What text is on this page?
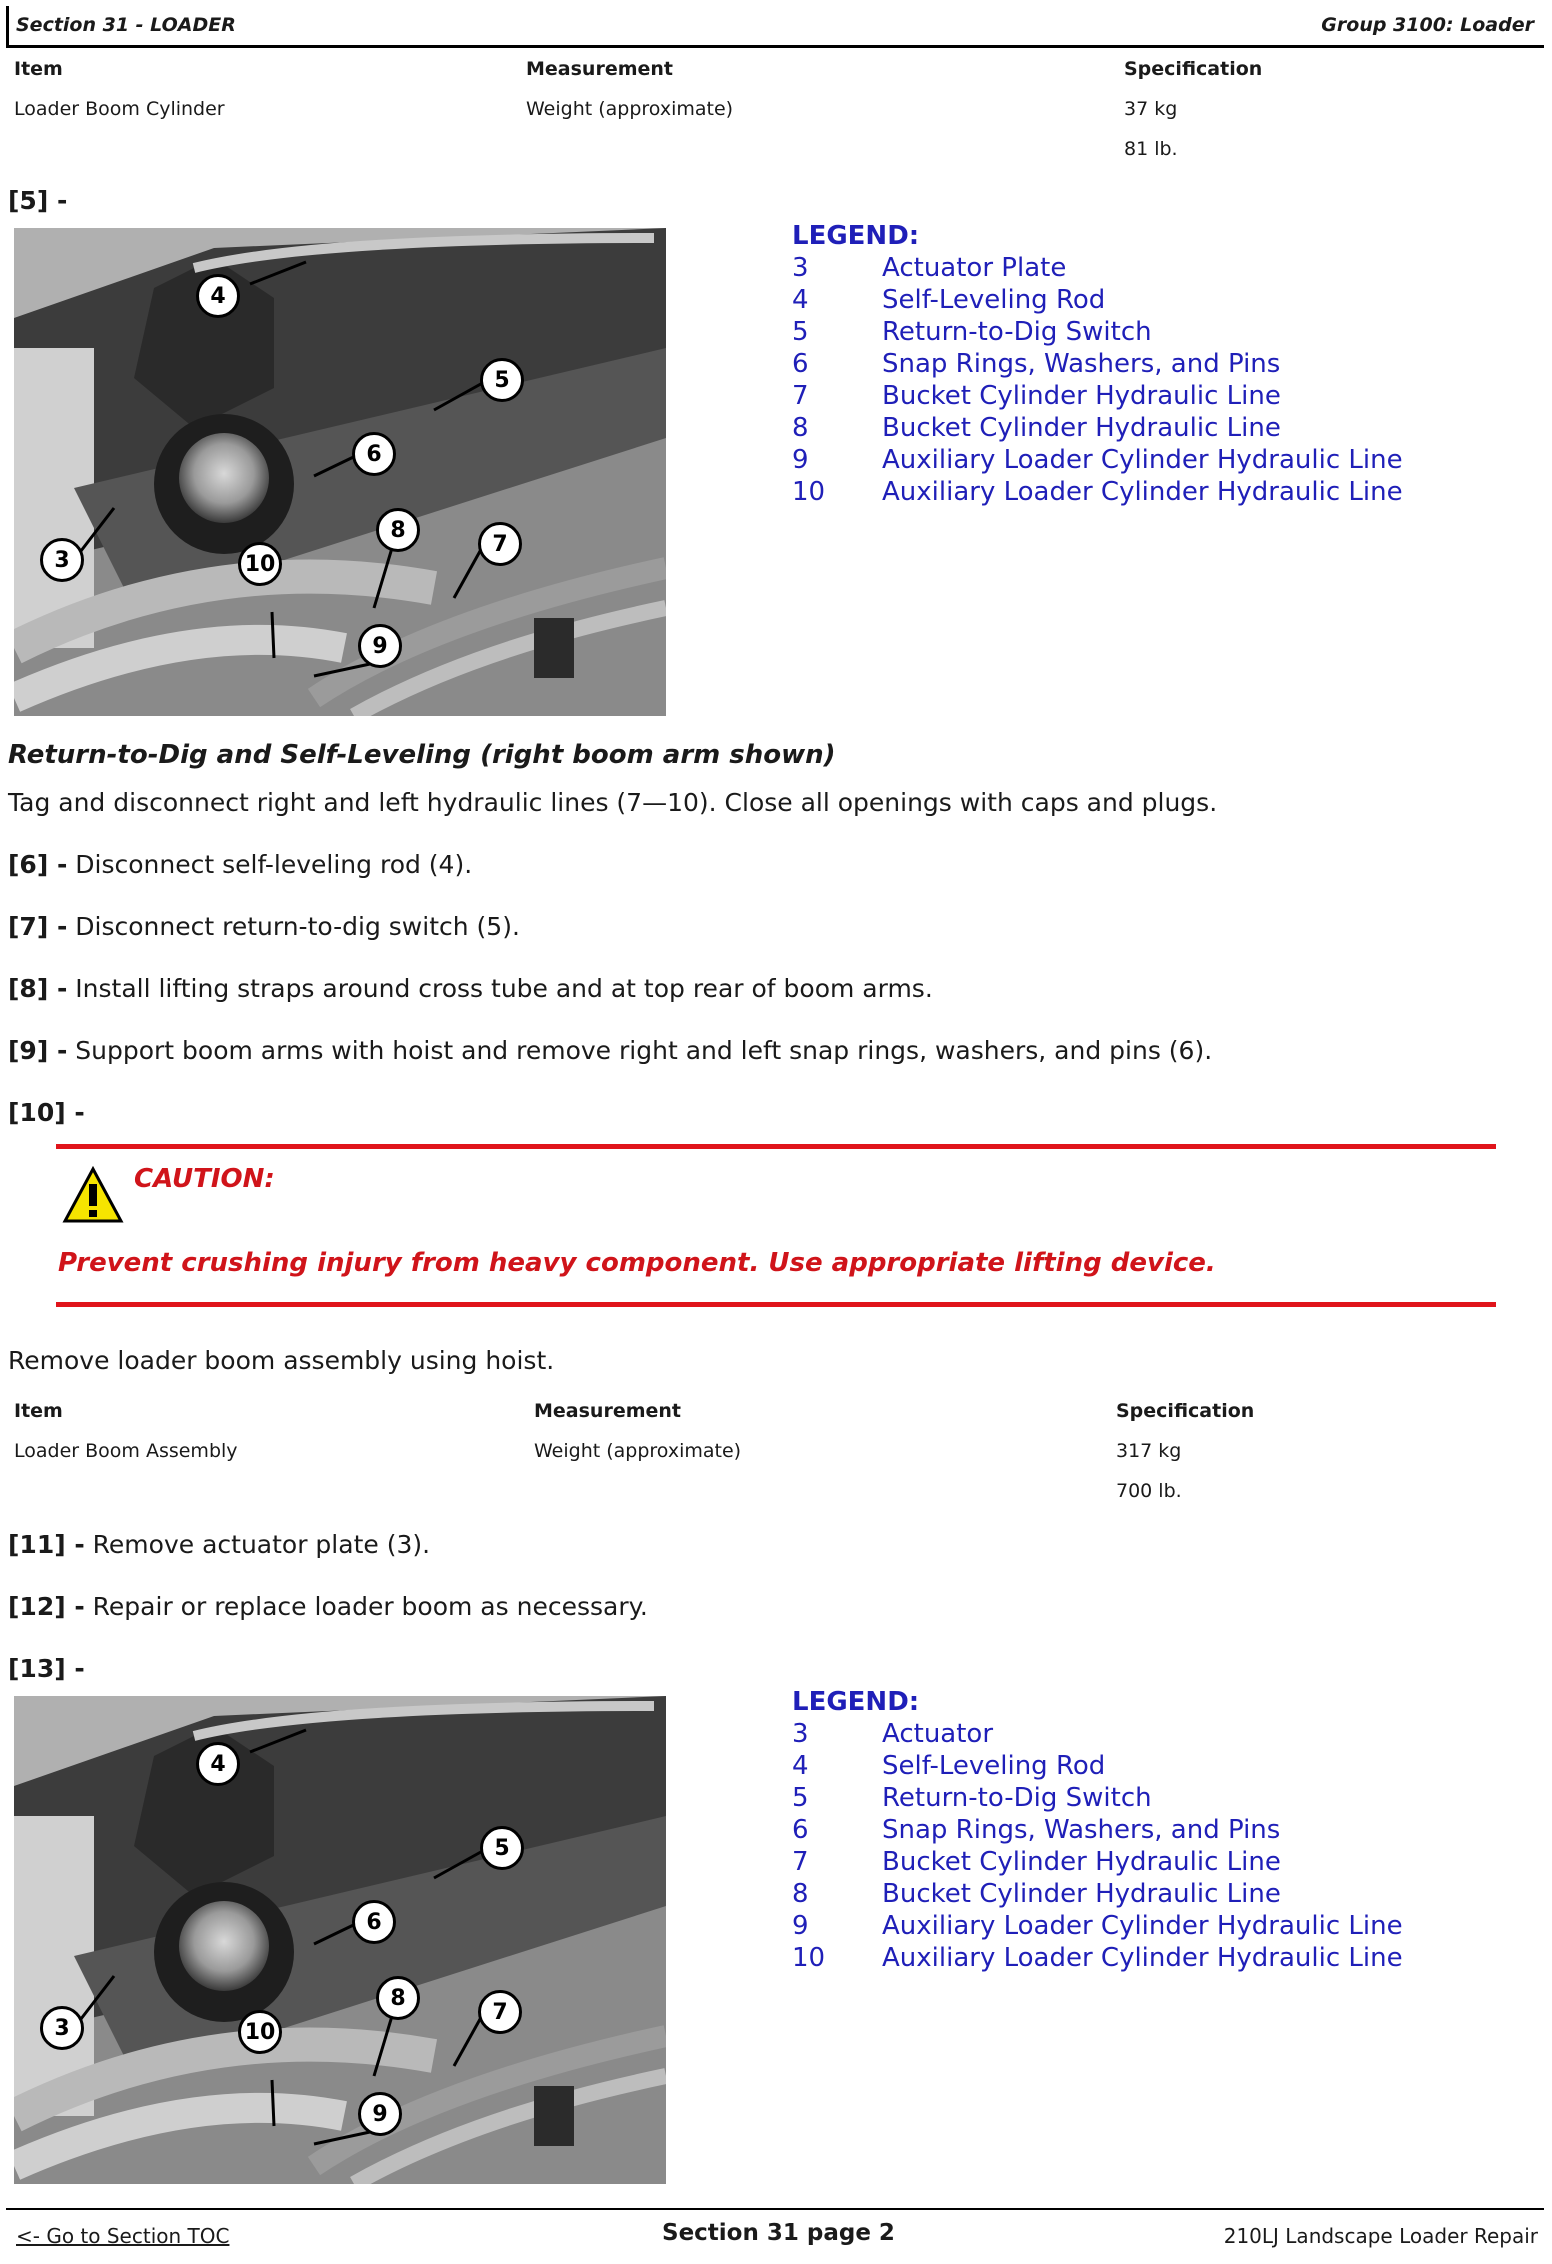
Section 31 - LOADER	Group 3100: Loader
Item	Measurement	Specification
Loader Boom Cylinder	Weight (approximate)	37 kg
81 lb.
[5] -
4
5
6
3	10
8
7
9
LEGEND:
3	Actuator Plate
4	Self-Leveling Rod
5	Return-to-Dig Switch
6	Snap Rings, Washers, and Pins
7	Bucket Cylinder Hydraulic Line
8	Bucket Cylinder Hydraulic Line
9	Auxiliary Loader Cylinder Hydraulic Line
10	Auxiliary Loader Cylinder Hydraulic Line
Return-to-Dig and Self-Leveling (right boom arm shown)
Tag and disconnect right and left hydraulic lines (7—10). Close all openings with caps and plugs.
[6] - Disconnect self-leveling rod (4).
[7] - Disconnect return-to-dig switch (5).
[8] - Install lifting straps around cross tube and at top rear of boom arms.
[9] - Support boom arms with hoist and remove right and left snap rings, washers, and pins (6).
[10] -
CAUTION:
Prevent crushing injury from heavy component. Use appropriate lifting device.
Remove loader boom assembly using hoist.
Item	Measurement	Specification
Loader Boom Assembly	Weight (approximate)	317 kg
700 lb.
[11] - Remove actuator plate (3).
[12] - Repair or replace loader boom as necessary.
[13] -
4
5
6
3	10
8
7
9
LEGEND:
3	Actuator
4	Self-Leveling Rod
5	Return-to-Dig Switch
6	Snap Rings, Washers, and Pins
7	Bucket Cylinder Hydraulic Line
8	Bucket Cylinder Hydraulic Line
9	Auxiliary Loader Cylinder Hydraulic Line
10	Auxiliary Loader Cylinder Hydraulic Line
<- Go to Section TOC	Section 31 page 2	210LJ Landscape Loader Repair
